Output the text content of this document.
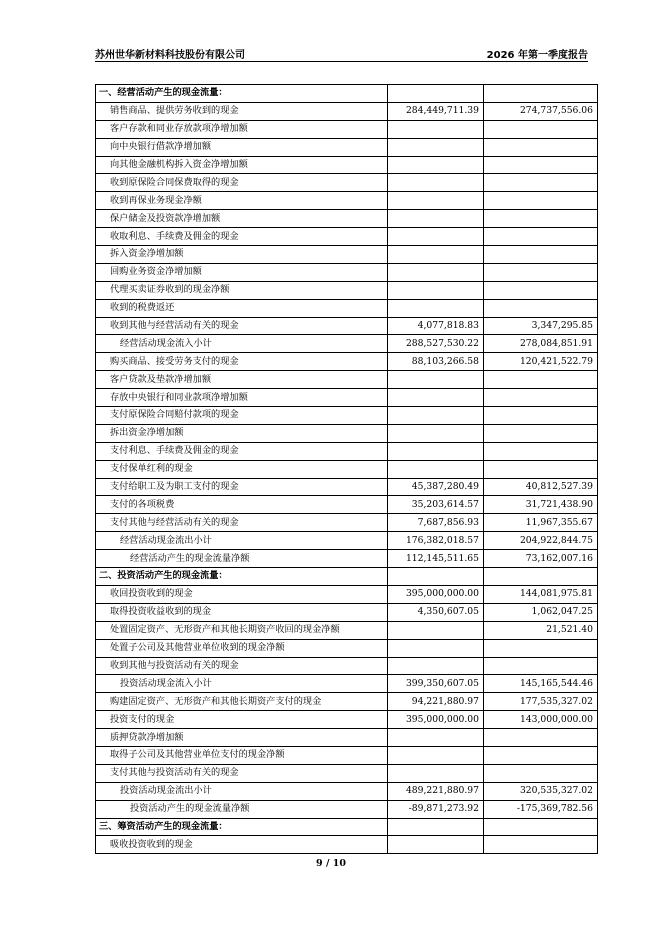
苏州世华新材料科技股份有限公司	2026 年第一季度报告
一、经营活动产生的现金流量：		
销售商品、提供劳务收到的现金	284,449,711.39	274,737,556.06
客户存款和同业存放款项净增加额		
向中央银行借款净增加额		
向其他金融机构拆入资金净增加额		
收到原保险合同保费取得的现金		
收到再保业务现金净额		
保户储金及投资款净增加额		
收取利息、手续费及佣金的现金		
拆入资金净增加额		
回购业务资金净增加额		
代理买卖证券收到的现金净额		
收到的税费返还		
收到其他与经营活动有关的现金	4,077,818.83	3,347,295.85
经营活动现金流入小计	288,527,530.22	278,084,851.91
购买商品、接受劳务支付的现金	88,103,266.58	120,421,522.79
客户贷款及垫款净增加额		
存放中央银行和同业款项净增加额		
支付原保险合同赔付款项的现金		
拆出资金净增加额		
支付利息、手续费及佣金的现金		
支付保单红利的现金		
支付给职工及为职工支付的现金	45,387,280.49	40,812,527.39
支付的各项税费	35,203,614.57	31,721,438.90
支付其他与经营活动有关的现金	7,687,856.93	11,967,355.67
经营活动现金流出小计	176,382,018.57	204,922,844.75
经营活动产生的现金流量净额	112,145,511.65	73,162,007.16
二、投资活动产生的现金流量：		
收回投资收到的现金	395,000,000.00	144,081,975.81
取得投资收益收到的现金	4,350,607.05	1,062,047.25
处置固定资产、无形资产和其他长期资产收回的现金净额		21,521.40
处置子公司及其他营业单位收到的现金净额		
收到其他与投资活动有关的现金		
投资活动现金流入小计	399,350,607.05	145,165,544.46
购建固定资产、无形资产和其他长期资产支付的现金	94,221,880.97	177,535,327.02
投资支付的现金	395,000,000.00	143,000,000.00
质押贷款净增加额		
取得子公司及其他营业单位支付的现金净额		
支付其他与投资活动有关的现金		
投资活动现金流出小计	489,221,880.97	320,535,327.02
投资活动产生的现金流量净额	-89,871,273.92	-175,369,782.56
三、筹资活动产生的现金流量：		
吸收投资收到的现金		
9 / 10
